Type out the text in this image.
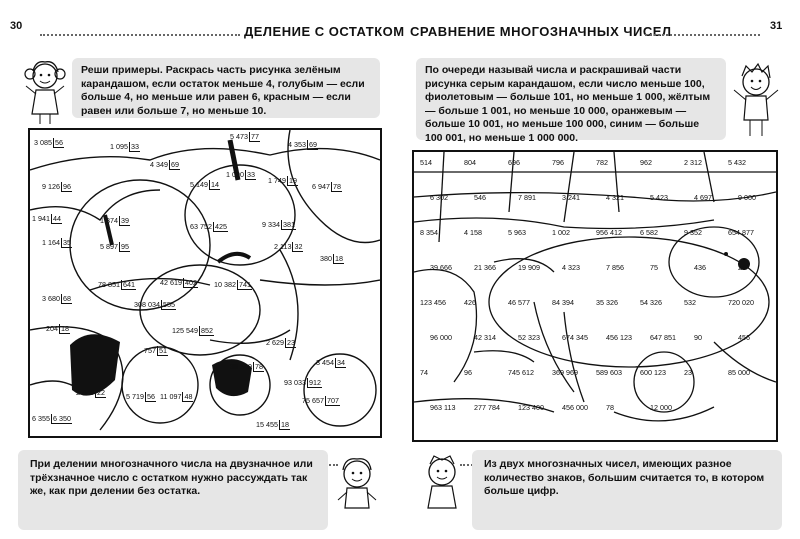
30	ДЕЛЕНИЕ С ОСТАТКОМ
Реши примеры. Раскрась часть рисунка зелёным карандашом, если остаток меньше 4, голубым — если больше 4, но меньше или равен 6, красным — если равен или больше 7, но меньше 10.
3 085 56	1 095 33
5 473 77
4 353 69
4 349 69
9 126 96	5 149 14
1 090 33
1 749 19
6 947 78
1 941 44	1 374 39
1 164 35	5 897 95
63 752 425	9 334 381
2 113 32
3 680 68
78 851 641	42 619 402
380 18
10 382 741
308 034 555
204 18	125 549 852
757 51
2 629 23
38 549 78	3 454 34
2 449 22	5 719 56 11 097 48
93 033 912
75 657 707
6 355 6 350
15 455 18
При делении многозначного числа на двузначное или трёхзначное число с остатком нужно рассуждать так же, как при делении без остатка.
СРАВНЕНИЕ МНОГОЗНАЧНЫХ ЧИСЕЛ	31
По очереди называй числа и раскрашивай части рисунка серым карандашом, если число меньше 100, фиолетовым — больше 101, но меньше 1 000, жёлтым — больше 1 001, но меньше 10 000, оранжевым — больше 10 001, но меньше 100 000, синим — больше 100 001, но меньше 1 000 000.
514	804	696	796	782	962	2 312	5 432
6 302	546	7 891	3 241	4 321	5 423	4 697	9 000
8 354	4 158	5 963	1 002	956 412	6 582	9 352	654 877
39 666	21 366	19 909	4 323	7 856	75	436	26
123 456	426	46 577	84 394	35 326	54 326	532	720 020
96 000	42 314	52 323	674 345	456 123	647 851	90	456
74	96	745 612	369 969	589 603	600 123	23	85 000
963 113	277 784	123 400	456 000	78	12 000
Из двух многозначных чисел, имеющих разное количество знаков, большим считается то, в котором больше цифр.
